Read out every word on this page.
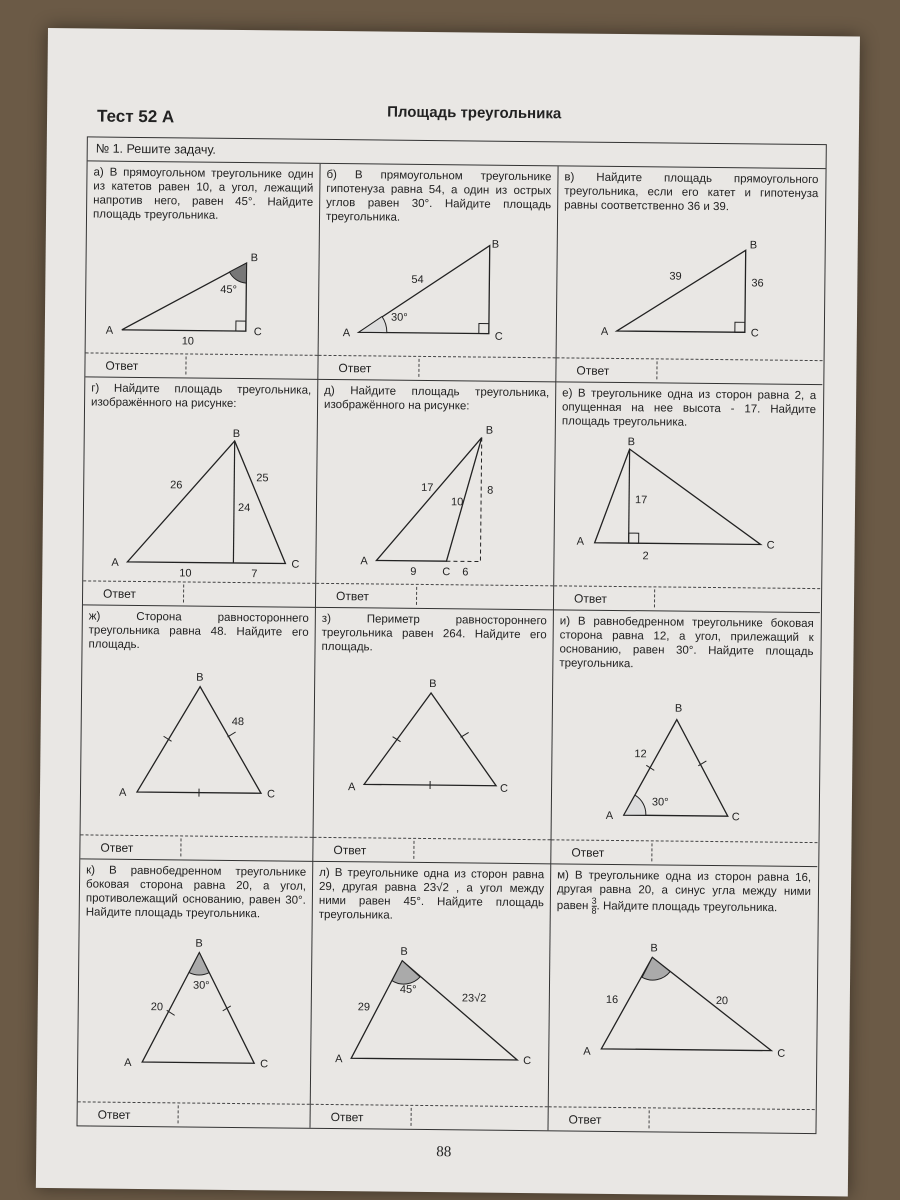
Тест 52 А	Площадь треугольника
№ 1. Решите задачу.
а) В прямоугольном треугольнике один из катетов равен 10, а угол, лежащий напротив него, равен 45°. Найдите площадь треугольника.
A
B
C
10
45°
Ответ
б) В прямоугольном треугольнике гипотенуза равна 54, а один из острых углов равен 30°. Найдите площадь треугольника.
A
B
C
54
30°
Ответ
в) Найдите площадь прямоугольного треугольника, если его катет и гипотенуза равны соответственно 36 и 39.
A
B
C
39
36
Ответ
г) Найдите площадь треугольника, изображённого на рисунке:
A
B
C
26
25
24
10	7
Ответ
д) Найдите площадь треугольника, изображённого на рисунке:
A
B
C
17
10
8
9	6
Ответ
е) В треугольнике одна из сторон равна 2, а опущенная на нее высота - 17. Найдите площадь треугольника.
A
B
C
17
2
Ответ
ж) Сторона равностороннего треугольника равна 48. Найдите его площадь.
A
B
C
48
Ответ
з) Периметр равностороннего треугольника равен 264. Найдите его площадь.
A
B
C
Ответ
и) В равнобедренном треугольнике боковая сторона равна 12, а угол, прилежащий к основанию, равен 30°. Найдите площадь треугольника.
A
B
C
12
30°
Ответ
к) В равнобедренном треугольнике боковая сторона равна 20, а угол, противолежащий основанию, равен 30°. Найдите площадь треугольника.
A
B
C
20
30°
Ответ
л) В треугольнике одна из сторон равна 29, другая равна 23√2 , а угол между ними равен 45°. Найдите площадь треугольника.
A
B
C
29
23√2
45°
Ответ
м) В треугольнике одна из сторон равна 16, другая равна 20, а синус угла между ними равен $\frac{3}{8}$ . Найдите площадь треугольника.
A
B
C
16	20
Ответ
88
